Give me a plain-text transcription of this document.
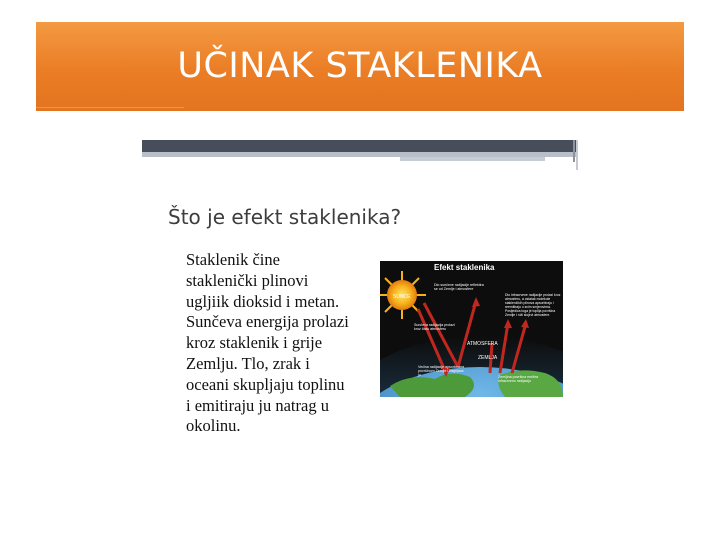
UČINAK STAKLENIKA
Što je efekt staklenika?
Staklenik čine
staklenički plinovi
ugljiik dioksid i metan.
Sunčeva energija prolazi
kroz staklenik i grije
Zemlju. Tlo, zrak i
oceani skupljaju toplinu
i emitiraju ju natrag u
okolinu.
Efekt staklenika
SUNCE
ATMOSFERA
ZEMLJA
Dio sunčeve radijacije reflektira se od Zemlje i atmosfere
Dio infracrvene radijacije prolazi kroz atmosferu, a ostatak molekule stakleničkih plinova apsorbiraju i reemitiraju u svim smjerovima. Posljedica toga je toplija površina Zemlje i niži slojevi atmosfere.
Sunčeva radijacija prolazi kroz čistu atmosferu
Većina radijacije apsorbirana površinom Zemlje i zagrijava ju	Zemljina površina emitira infracrvenu radijaciju
